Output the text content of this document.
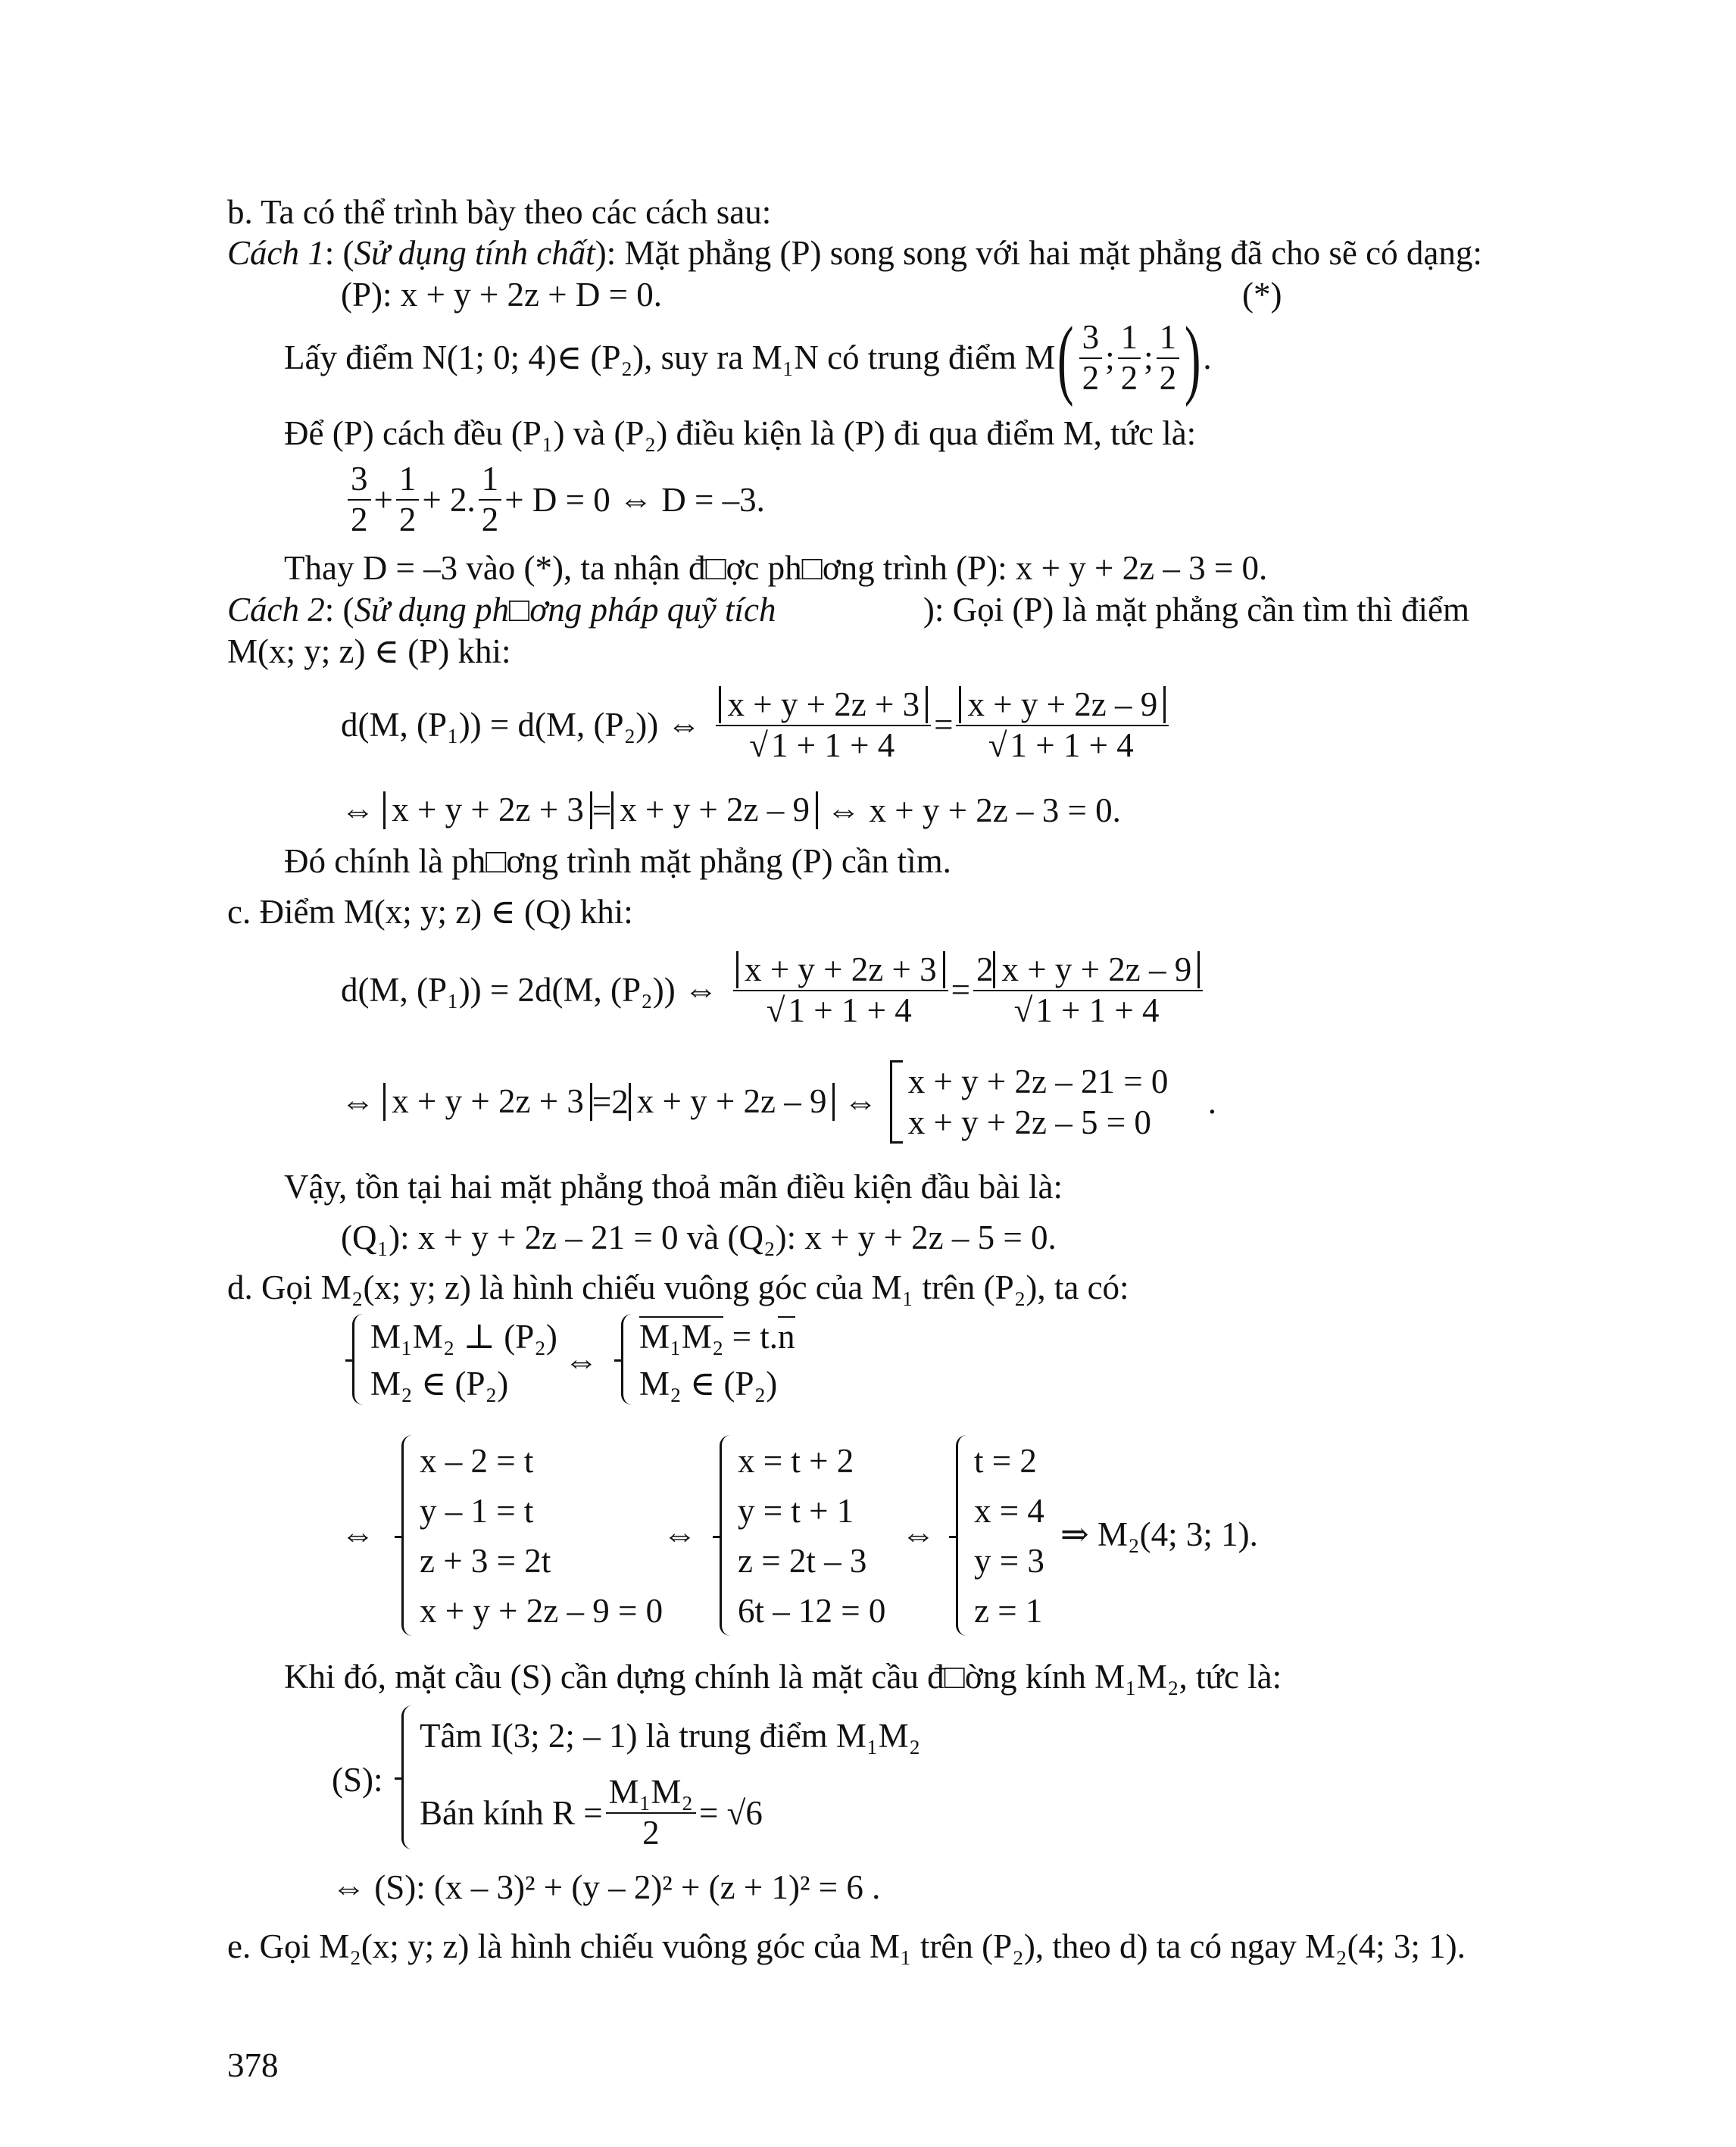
b. Ta có thể trình bày theo các cách sau:
Cách 1: (Sử dụng tính chất): Mặt phẳng (P) song song với hai mặt phẳng đã cho sẽ có dạng:
(P): x + y + 2z + D = 0.	(*)
Lấy điểm N(1; 0; 4)∈ (P₂), suy ra M₁N có trung điểm M ( $\frac{3}{2}$ ; $\frac{1}{2}$ ; $\frac{1}{2}$ ) .
Để (P) cách đều (P₁) và (P₂) điều kiện là (P) đi qua điểm M, tức là:
$\frac{3}{2} + \frac{1}{2} + 2$. $\frac{1}{2} + D = 0$ ⇔ D = –3.
Thay D = –3 vào (*), ta nhận đ□ợc ph□ơng trình (P): x + y + 2z – 3 = 0.
Cách 2: (Sử dụng ph□ơng pháp quỹ tích	): Gọi (P) là mặt phẳng cần tìm thì điểm
M(x; y; z) ∈ (P) khi:
d(M, (P₁)) = d(M, (P₂)) ⇔ $\frac{x + y + 2z + 3}{√1 + 1 + 4} = \frac{x + y + 2z - 9}{√1 + 1 + 4}$
⇔
x + y + 2z + 3 = x + y + 2z – 9
⇔ x + y + 2z – 3 = 0.
Đó chính là ph□ơng trình mặt phẳng (P) cần tìm.
c. Điểm M(x; y; z) ∈ (Q) khi:
d(M, (P₁)) = 2d(M, (P₂)) ⇔ $\frac{x + y + 2z + 3}{√1 + 1 + 4} = \frac{2 x + y + 2z - 9}{√1 + 1 + 4}$
⇔
x + y + 2z + 3 = 2 x + y + 2z – 9
⇔
x + y + 2z – 21 = 0
x + y + 2z – 5 = 0
.
Vậy, tồn tại hai mặt phẳng thoả mãn điều kiện đầu bài là:
(Q₁): x + y + 2z – 21 = 0 và (Q₂): x + y + 2z – 5 = 0.
d. Gọi M₂(x; y; z) là hình chiếu vuông góc của M₁ trên (P₂), ta có:
M₁M₂ ⊥ (P₂)
M₂ ∈ (P₂)
⇔
M₁M₂ = t.n
M₂ ∈ (P₂)
⇔
x – 2 = t
y – 1 = t
z + 3 = 2t
x + y + 2z – 9 = 0
⇔
x = t + 2
y = t + 1
z = 2t – 3
6t – 12 = 0
⇔
t = 2
x = 4
y = 3
z = 1
⇒ M₂(4; 3; 1).
Khi đó, mặt cầu (S) cần dựng chính là mặt cầu đ□ờng kính M₁M₂, tức là:
(S):
Tâm I(3; 2; – 1) là trung điểm M₁M₂
Bán kính $R = \frac{\text{M₁M₂}}{2} = √6$
⇔ (S): (x – 3)² + (y – 2)² + (z + 1)² = 6 .
e. Gọi M₂(x; y; z) là hình chiếu vuông góc của M₁ trên (P₂), theo d) ta có ngay M₂(4; 3; 1).
378
